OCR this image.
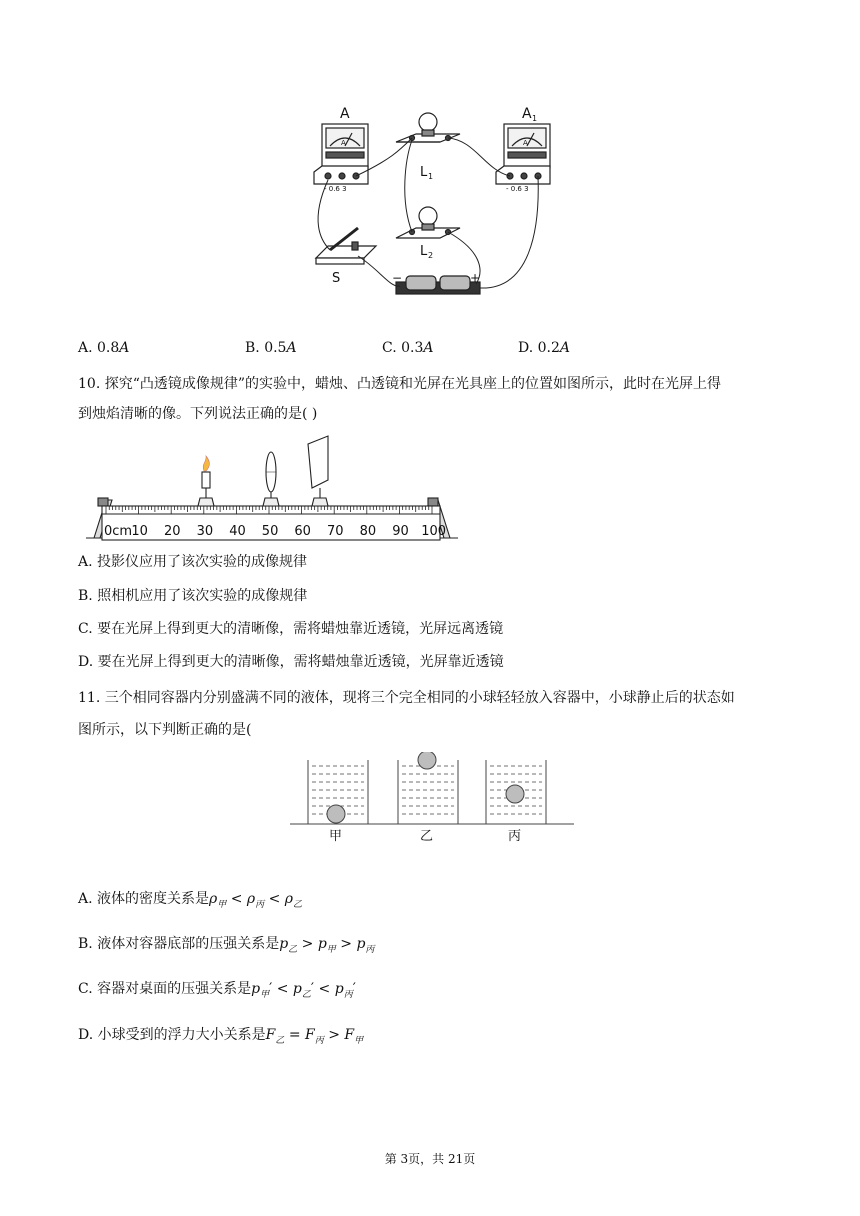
A	A 1
L 1
L 2
S	−	+
A	A
- 0.6 3	- 0.6 3
A. 0.8A	B. 0.5A	C. 0.3A	D. 0.2A
10. 探究“凸透镜成像规律”的实验中，蜡烛、凸透镜和光屏在光具座上的位置如图所示，此时在光屏上得
到烛焰清晰的像。下列说法正确的是( )
0cm 10 20 30 40 50 60 70 80 90 100
A. 投影仪应用了该次实验的成像规律
B. 照相机应用了该次实验的成像规律
C. 要在光屏上得到更大的清晰像，需将蜡烛靠近透镜，光屏远离透镜
D. 要在光屏上得到更大的清晰像，需将蜡烛靠近透镜，光屏靠近透镜
11. 三个相同容器内分别盛满不同的液体，现将三个完全相同的小球轻轻放入容器中，小球静止后的状态如
图所示，以下判断正确的是(
甲	乙	丙
A. 液体的密度关系是$\rho_甲 < \rho_丙 < \rho_乙$
B. 液体对容器底部的压强关系是$p_乙 > p_甲 > p_丙$
C. 容器对桌面的压强关系是$p_甲' < p_乙' < p_丙'$
D. 小球受到的浮力大小关系是$F_乙 = F_丙 > F_甲$
第 3页，共 21页
